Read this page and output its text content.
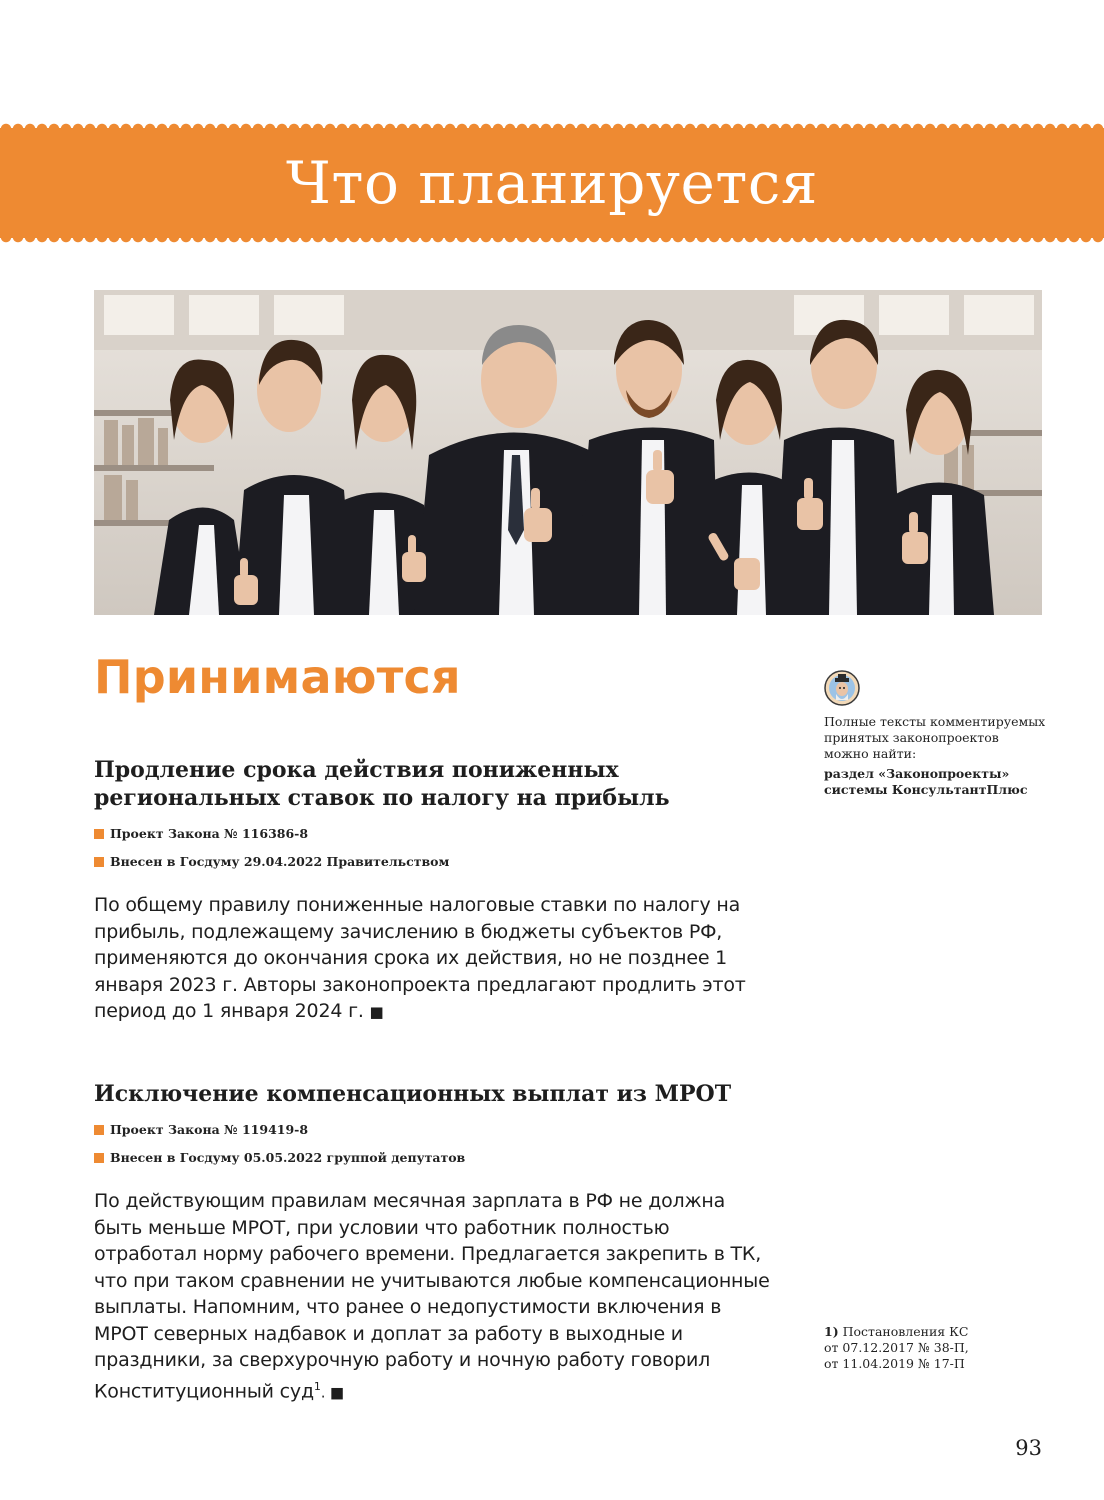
Что планируется
Принимаются
Продление срока действия пониженных
региональных ставок по налогу на прибыль
Проект Закона № 116386-8
Внесен в Госдуму 29.04.2022 Правительством

По общему правилу пониженные налоговые ставки по налогу на прибыль, подлежащему зачислению в бюджеты субъектов РФ, применяются до окончания срока их действия, но не позднее 1 января 2023 г. Авторы законопроекта предлагают продлить этот период до 1 января 2024 г. ■

Исключение компенсационных выплат из МРОТ
Проект Закона № 119419-8
Внесен в Госдуму 05.05.2022 группой депутатов

По действующим правилам месячная зарплата в РФ не должна быть меньше МРОТ, при условии что работник полностью отработал норму рабочего времени. Предлагается закрепить в ТК, что при таком сравнении не учитываются любые компенсационные выплаты. Напомним, что ранее о недопустимости включения в МРОТ северных надбавок и доплат за работу в выходные и праздники, за сверхурочную работу и ночную работу говорил Конституционный суд$^1$. ■

Полные тексты комментируемых
принятых законопроектов
можно найти:
раздел «Законопроекты»
системы КонсультантПлюс
1) Постановления КС
от 07.12.2017 № 38-П,
от 11.04.2019 № 17-П
93
